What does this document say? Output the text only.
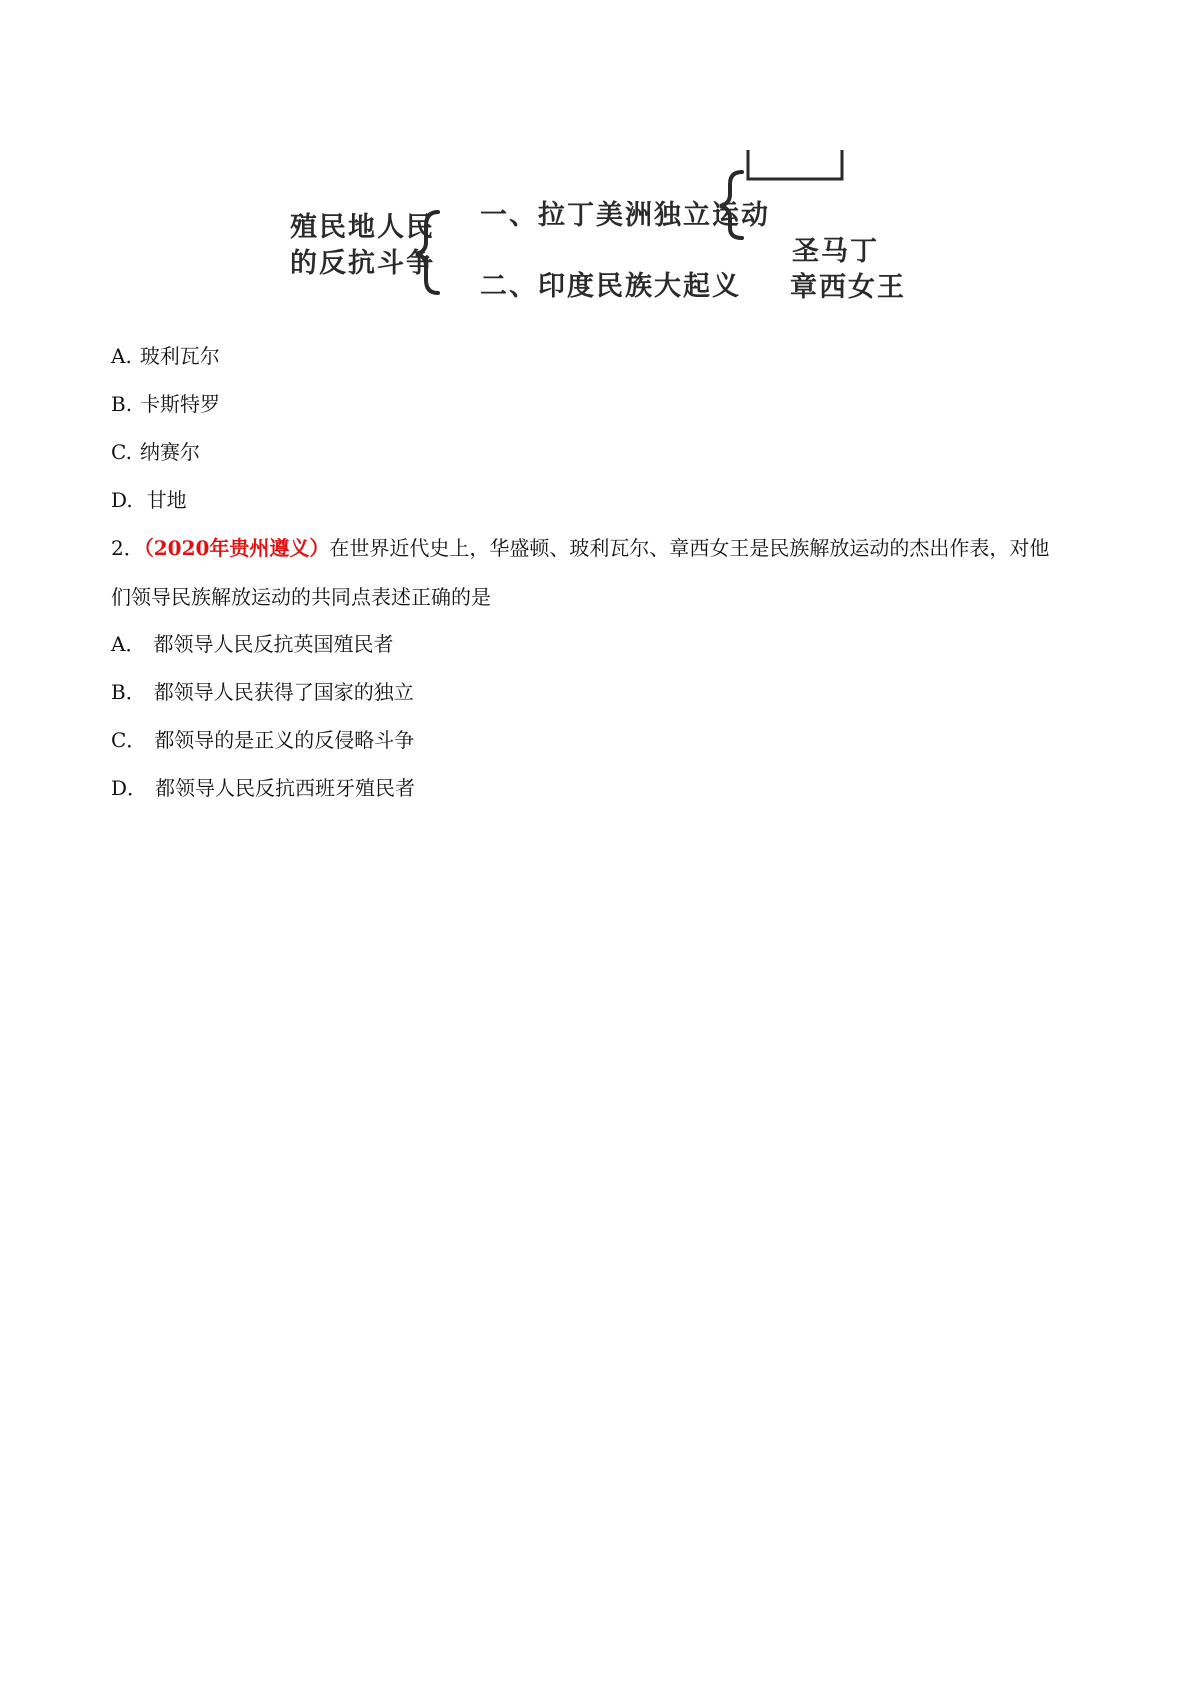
殖民地人民
的反抗斗争
一、拉丁美洲独立运动
二、印度民族大起义
圣马丁
章西女王
A. 玻利瓦尔
B. 卡斯特罗
C. 纳赛尔
D. 甘地
2．（2020年贵州遵义）在世界近代史上，华盛顿、玻利瓦尔、章西女王是民族解放运动的杰出作表，对他
们领导民族解放运动的共同点表述正确的是
A． 都领导人民反抗英国殖民者
B． 都领导人民获得了国家的独立
C． 都领导的是正义的反侵略斗争
D． 都领导人民反抗西班牙殖民者
